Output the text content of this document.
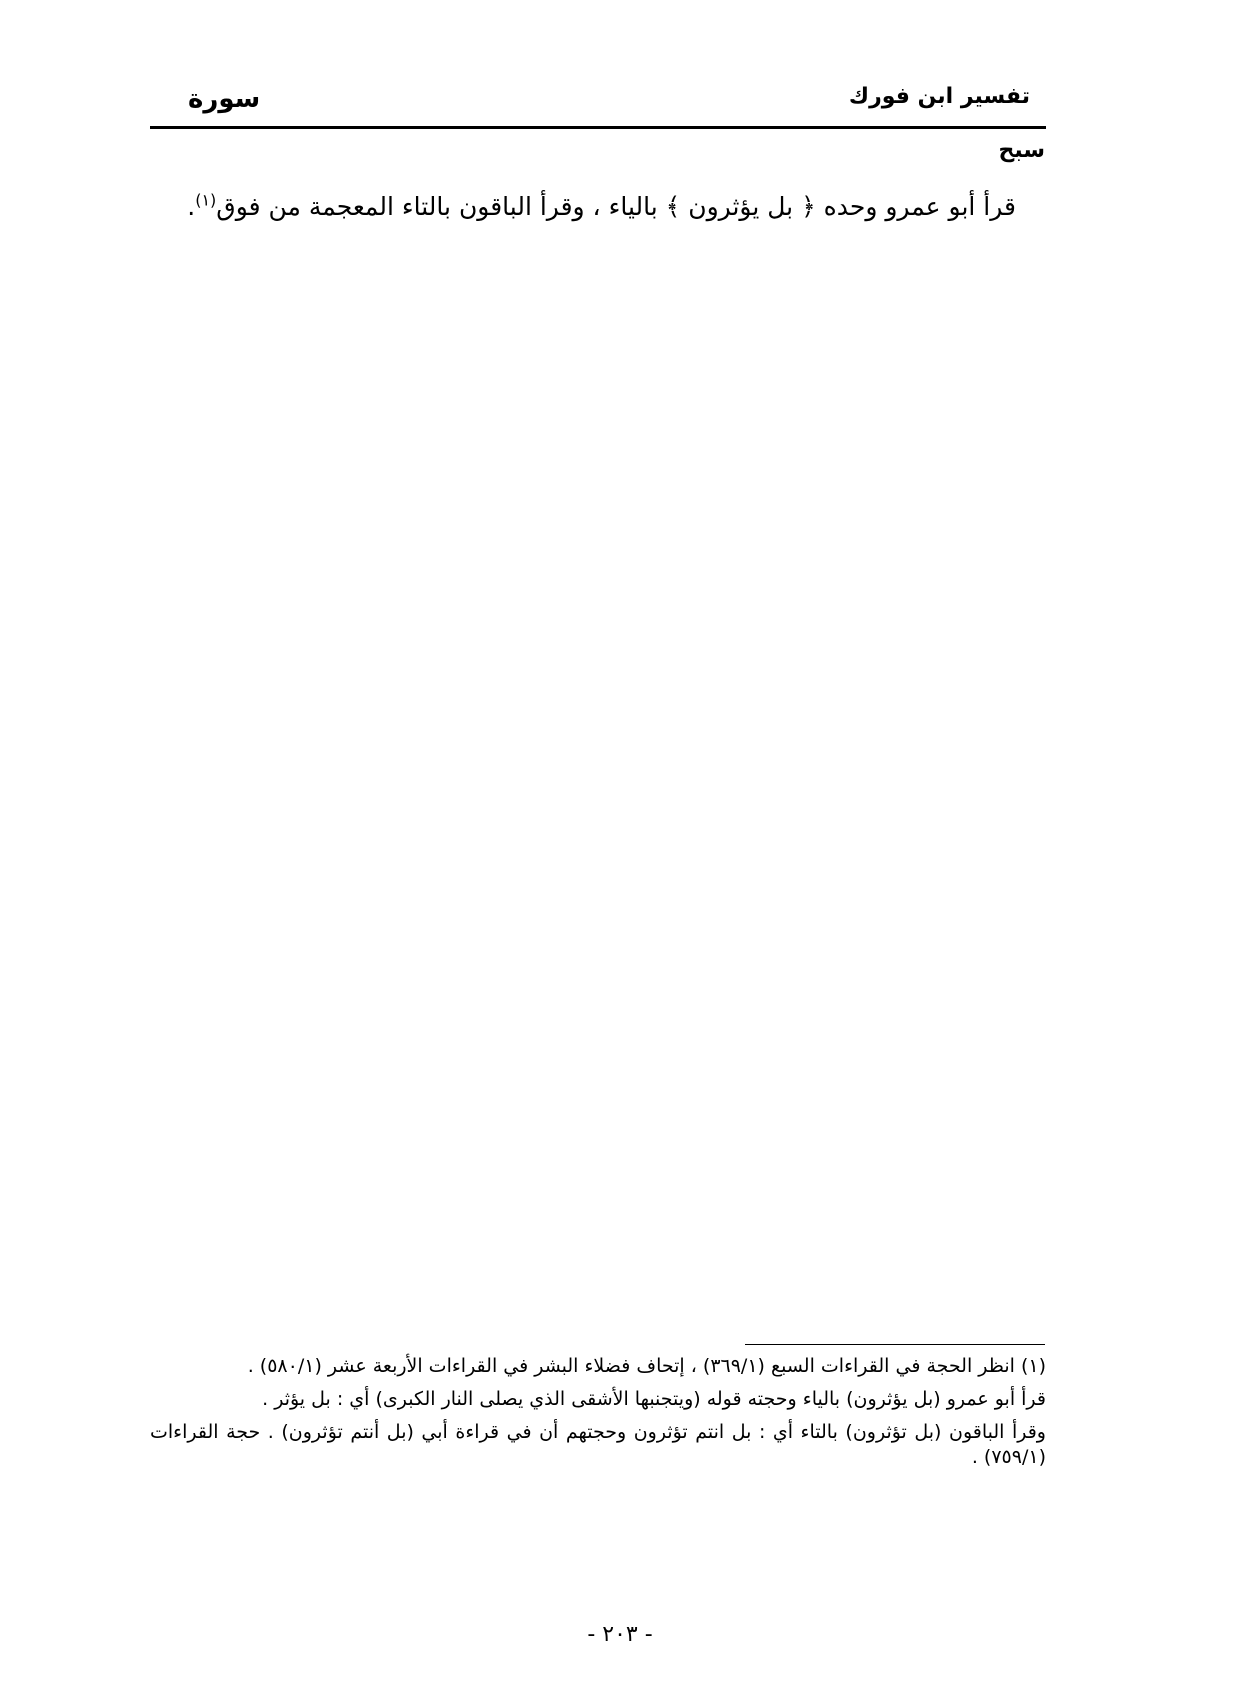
تفسير ابن فورك
سورة
سبح
قرأ أبو عمرو وحده ﴿ بل يؤثرون ﴾ بالياء ، وقرأ الباقون بالتاء المعجمة من فوق$^{(١)}$.

(١) انظر الحجة في القراءات السبع (٣٦٩/١) ، إتحاف فضلاء البشر في القراءات الأربعة عشر (٥٨٠/١) .

قرأ أبو عمرو (بل يؤثرون) بالياء وحجته قوله (ويتجنبها الأشقى الذي يصلى النار الكبرى) أي : بل يؤثر .

وقرأ الباقون (بل تؤثرون) بالتاء أي : بل انتم تؤثرون وحجتهم أن في قراءة أبي (بل أنتم تؤثرون) . حجة القراءات (٧٥٩/١) .

- ٢٠٣ -
